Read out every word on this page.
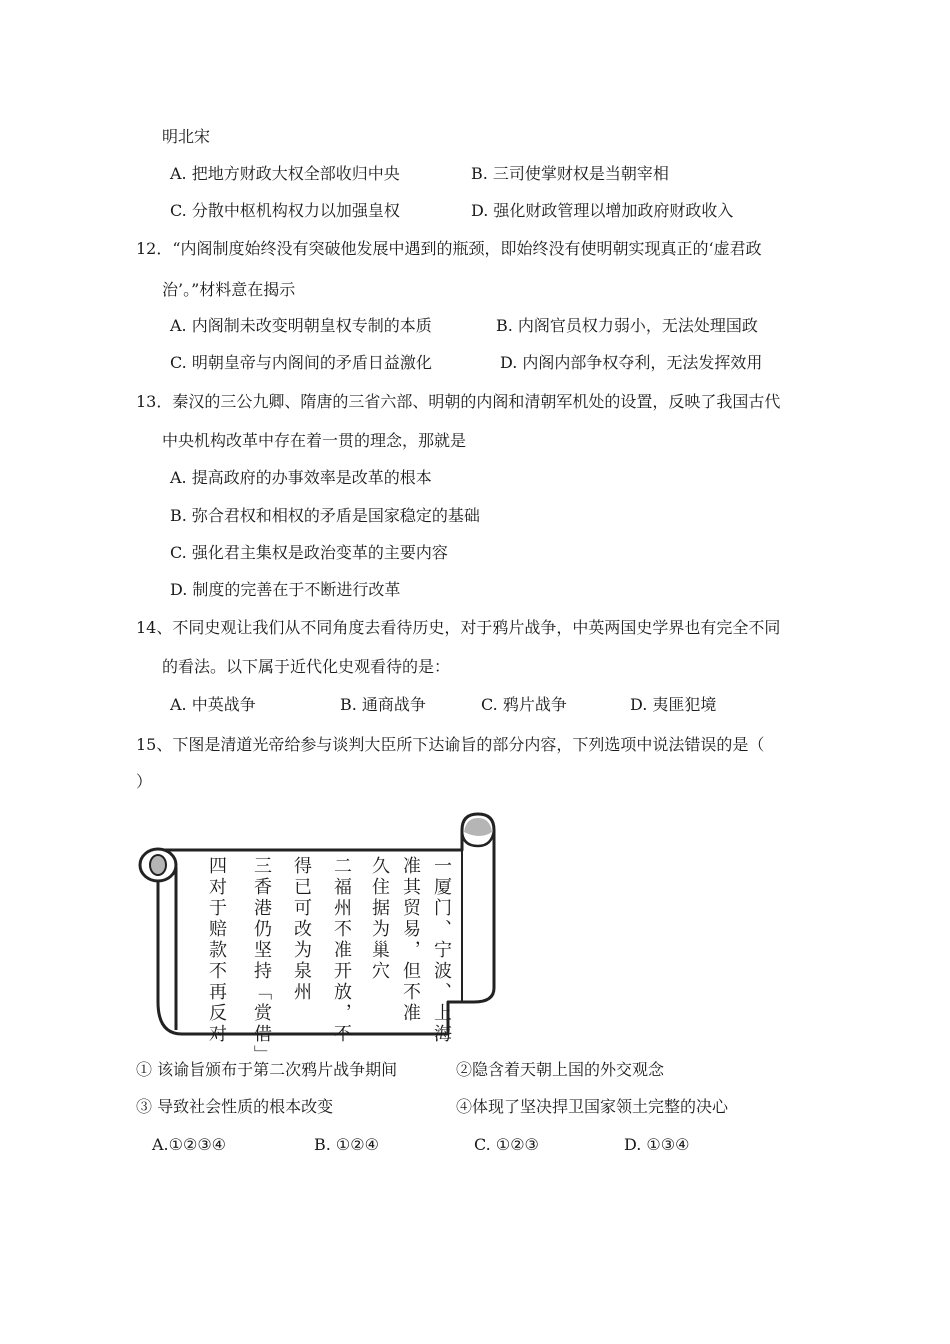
明北宋
A. 把地方财政大权全部收归中央	B. 三司使掌财权是当朝宰相
C. 分散中枢机构权力以加强皇权	D. 强化财政管理以增加政府财政收入
12．“内阁制度始终没有突破他发展中遇到的瓶颈，即始终没有使明朝实现真正的‘虚君政
治’。”材料意在揭示
A. 内阁制未改变明朝皇权专制的本质	B. 内阁官员权力弱小，无法处理国政
C. 明朝皇帝与内阁间的矛盾日益激化	D. 内阁内部争权夺利，无法发挥效用
13．秦汉的三公九卿、隋唐的三省六部、明朝的内阁和清朝军机处的设置，反映了我国古代
中央机构改革中存在着一贯的理念，那就是
A. 提高政府的办事效率是改革的根本
B. 弥合君权和相权的矛盾是国家稳定的基础
C. 强化君主集权是政治变革的主要内容
D. 制度的完善在于不断进行改革
14、不同史观让我们从不同角度去看待历史，对于鸦片战争，中英两国史学界也有完全不同
的看法。以下属于近代化史观看待的是：
A. 中英战争	B. 通商战争	C. 鸦片战争	D. 夷匪犯境
15、下图是清道光帝给参与谈判大臣所下达谕旨的部分内容，下列选项中说法错误的是（
）
一厦门、宁波、上海
准其贸易，但不准
久住据为巢穴
二福州不准开放，不
得已可改为泉州
三香港仍坚持「赏借」
四对于赔款不再反对
① 该谕旨颁布于第二次鸦片战争期间	②隐含着天朝上国的外交观念
③ 导致社会性质的根本改变	④体现了坚决捍卫国家领土完整的决心
A.①②③④	B. ①②④	C. ①②③	D. ①③④
